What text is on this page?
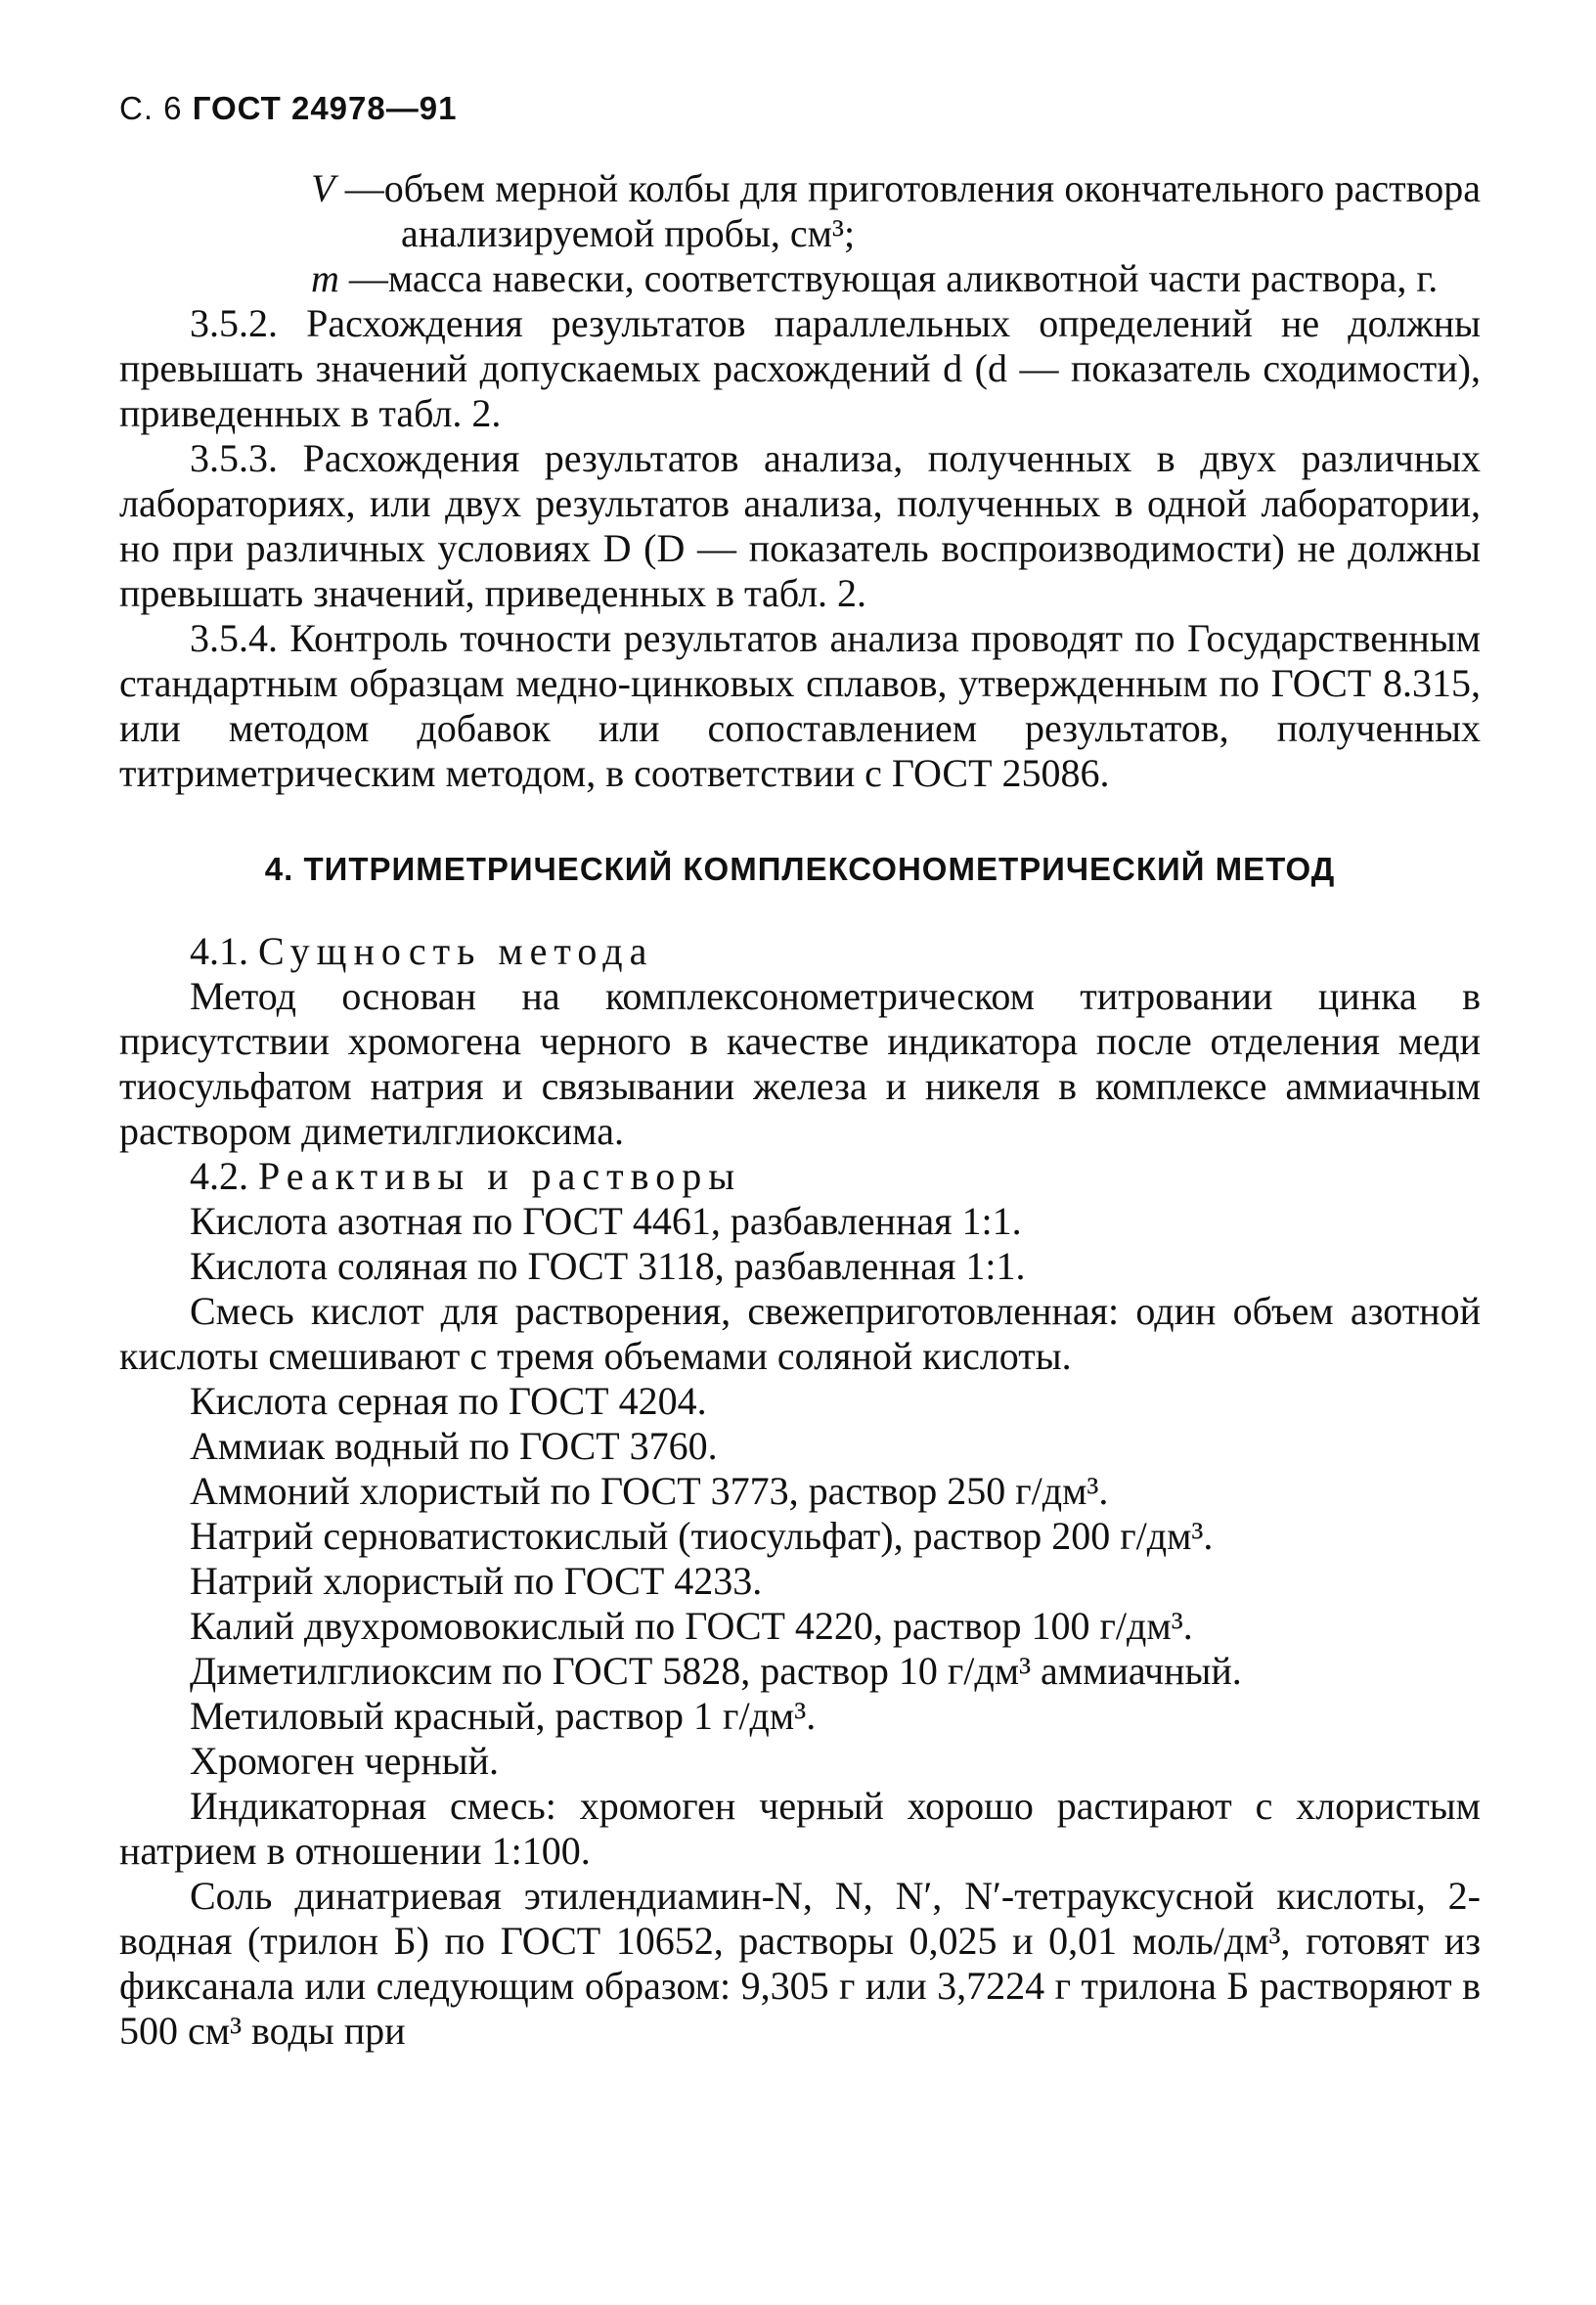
С. 6 ГОСТ 24978—91

V —объем мерной колбы для приготовления окончательного раствора анализируемой пробы, см³;

m —масса навески, соответствующая аликвотной части раствора, г.

3.5.2. Расхождения результатов параллельных определений не должны превышать значений допускаемых расхождений d (d — показатель сходимости), приведенных в табл. 2.

3.5.3. Расхождения результатов анализа, полученных в двух различных лабораториях, или двух результатов анализа, полученных в одной лаборатории, но при различных условиях D (D — показатель воспроизводимости) не должны превышать значений, приведенных в табл. 2.

3.5.4. Контроль точности результатов анализа проводят по Государственным стандартным образцам медно-цинковых сплавов, утвержденным по ГОСТ 8.315, или методом добавок или сопоставлением результатов, полученных титриметрическим методом, в соответствии с ГОСТ 25086.

4. ТИТРИМЕТРИЧЕСКИЙ КОМПЛЕКСОНОМЕТРИЧЕСКИЙ МЕТОД

4.1. Сущность метода

Метод основан на комплексонометрическом титровании цинка в присутствии хромогена черного в качестве индикатора после отделения меди тиосульфатом натрия и связывании железа и никеля в комплексе аммиачным раствором диметилглиоксима.

4.2. Реактивы и растворы

Кислота азотная по ГОСТ 4461, разбавленная 1:1.

Кислота соляная по ГОСТ 3118, разбавленная 1:1.

Смесь кислот для растворения, свежеприготовленная: один объем азотной кислоты смешивают с тремя объемами соляной кислоты.

Кислота серная по ГОСТ 4204.

Аммиак водный по ГОСТ 3760.

Аммоний хлористый по ГОСТ 3773, раствор 250 г/дм³.

Натрий серноватистокислый (тиосульфат), раствор 200 г/дм³.

Натрий хлористый по ГОСТ 4233.

Калий двухромовокислый по ГОСТ 4220, раствор 100 г/дм³.

Диметилглиоксим по ГОСТ 5828, раствор 10 г/дм³ аммиачный.

Метиловый красный, раствор 1 г/дм³.

Хромоген черный.

Индикаторная смесь: хромоген черный хорошо растирают с хлористым натрием в отношении 1:100.

Соль динатриевая этилендиамин-N, N, N′, N′-тетрауксусной кислоты, 2-водная (трилон Б) по ГОСТ 10652, растворы 0,025 и 0,01 моль/дм³, готовят из фиксанала или следующим образом: 9,305 г или 3,7224 г трилона Б растворяют в 500 см³ воды при
